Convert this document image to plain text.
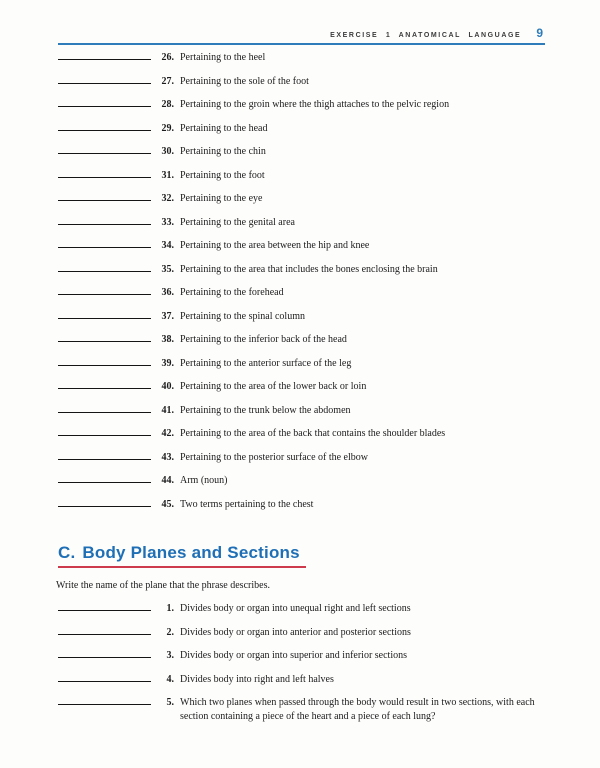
EXERCISE 1 ANATOMICAL LANGUAGE 9
26. Pertaining to the heel
27. Pertaining to the sole of the foot
28. Pertaining to the groin where the thigh attaches to the pelvic region
29. Pertaining to the head
30. Pertaining to the chin
31. Pertaining to the foot
32. Pertaining to the eye
33. Pertaining to the genital area
34. Pertaining to the area between the hip and knee
35. Pertaining to the area that includes the bones enclosing the brain
36. Pertaining to the forehead
37. Pertaining to the spinal column
38. Pertaining to the inferior back of the head
39. Pertaining to the anterior surface of the leg
40. Pertaining to the area of the lower back or loin
41. Pertaining to the trunk below the abdomen
42. Pertaining to the area of the back that contains the shoulder blades
43. Pertaining to the posterior surface of the elbow
44. Arm (noun)
45. Two terms pertaining to the chest
C. Body Planes and Sections
Write the name of the plane that the phrase describes.
1. Divides body or organ into unequal right and left sections
2. Divides body or organ into anterior and posterior sections
3. Divides body or organ into superior and inferior sections
4. Divides body into right and left halves
5. Which two planes when passed through the body would result in two sections, with each section containing a piece of the heart and a piece of each lung?
